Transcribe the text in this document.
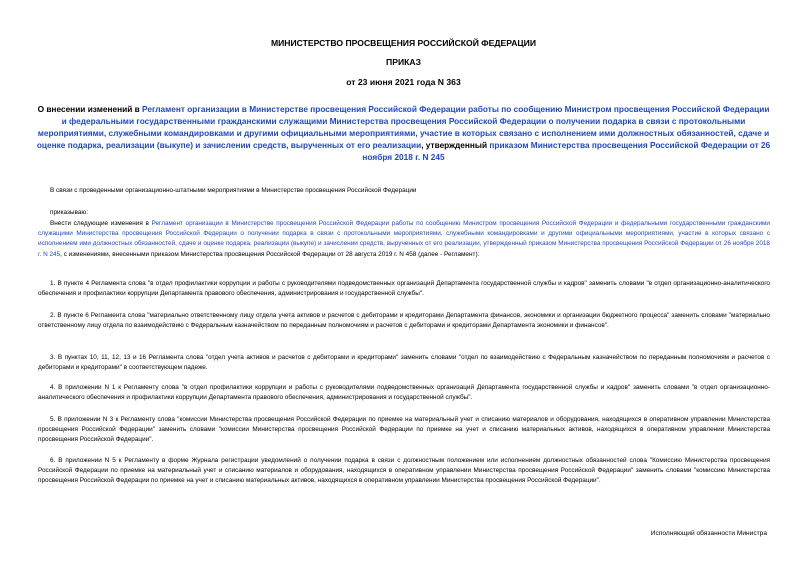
МИНИСТЕРСТВО ПРОСВЕЩЕНИЯ РОССИЙСКОЙ ФЕДЕРАЦИИ
ПРИКАЗ
от 23 июня 2021 года N 363
О внесении изменений в Регламент организации в Министерстве просвещения Российской Федерации работы по сообщению Министром просвещения Российской Федерации и федеральными государственными гражданскими служащими Министерства просвещения Российской Федерации о получении подарка в связи с протокольными мероприятиями, служебными командировками и другими официальными мероприятиями, участие в которых связано с исполнением ими должностных обязанностей, сдаче и оценке подарка, реализации (выкупе) и зачислении средств, вырученных от его реализации, утвержденный приказом Министерства просвещения Российской Федерации от 26 ноября 2018 г. N 245
В связи с проведенными организационно-штатными мероприятиями в Министерстве просвещения Российской Федерации
приказываю:
Внести следующие изменения в Регламент организации в Министерстве просвещения Российской Федерации работы по сообщению Министром просвещения Российской Федерации и федеральными государственными гражданскими служащими Министерства просвещения Российской Федерации о получении подарка в связи с протокольными мероприятиями, служебными командировками и другими официальными мероприятиями, участие в которых связано с исполнением ими должностных обязанностей, сдаче и оценке подарка, реализации (выкупе) и зачислении средств, вырученных от его реализации, утвержденный приказом Министерства просвещения Российской Федерации от 26 ноября 2018 г. N 245, с изменениями, внесенными приказом Министерства просвещения Российской Федерации от 28 августа 2019 г. N 458 (далее - Регламент):
1. В пункте 4 Регламента слова "в отдел профилактики коррупции и работы с руководителями подведомственных организаций Департамента государственной службы и кадров" заменить словами "в отдел организационно-аналитического обеспечения и профилактики коррупции Департамента правового обеспечения, администрирования и государственной службы".
2. В пункте 6 Регламента слова "материально ответственному лицу отдела учета активов и расчетов с дебиторами и кредиторами Департамента финансов, экономики и организации бюджетного процесса" заменить словами "материально ответственному лицу отдела по взаимодействию с Федеральным казначейством по переданным полномочиям и расчетов с дебиторами и кредиторами Департамента экономики и финансов".
3. В пунктах 10, 11, 12, 13 и 16 Регламента слова "отдел учета активов и расчетов с дебиторами и кредиторами" заменить словами "отдел по взаимодействию с Федеральным казначейством по переданным полномочиям и расчетов с дебиторами и кредиторами" в соответствующем падеже.
4. В приложении N 1 к Регламенту слова "в отдел профилактики коррупции и работы с руководителями подведомственных организаций Департамента государственной службы и кадров" заменить словами "в отдел организационно-аналитического обеспечения и профилактики коррупции Департамента правового обеспечения, администрирования и государственной службы".
5. В приложении N 3 к Регламенту слова "комиссии Министерства просвещения Российской Федерации по приемке на материальный учет и списанию материалов и оборудования, находящихся в оперативном управлении Министерства просвещения Российской Федерации" заменить словами "комиссии Министерства просвещения Российской Федерации по приемке на учет и списанию материальных активов, находящихся в оперативном управлении Министерства просвещения Российской Федерации".
6. В приложении N 5 к Регламенту в форме Журнала регистрации уведомлений о получении подарка в связи с должностным положением или исполнением должностных обязанностей слова "Комиссию Министерства просвещения Российской Федерации по приемке на материальный учет и списанию материалов и оборудования, находящихся в оперативном управлении Министерства просвещения Российской Федерации" заменить словами "комиссию Министерства просвещения Российской Федерации по приемке на учет и списанию материальных активов, находящихся в оперативном управлении Министерства просвещения Российской Федерации".
Исполняющий обязанности Министра
